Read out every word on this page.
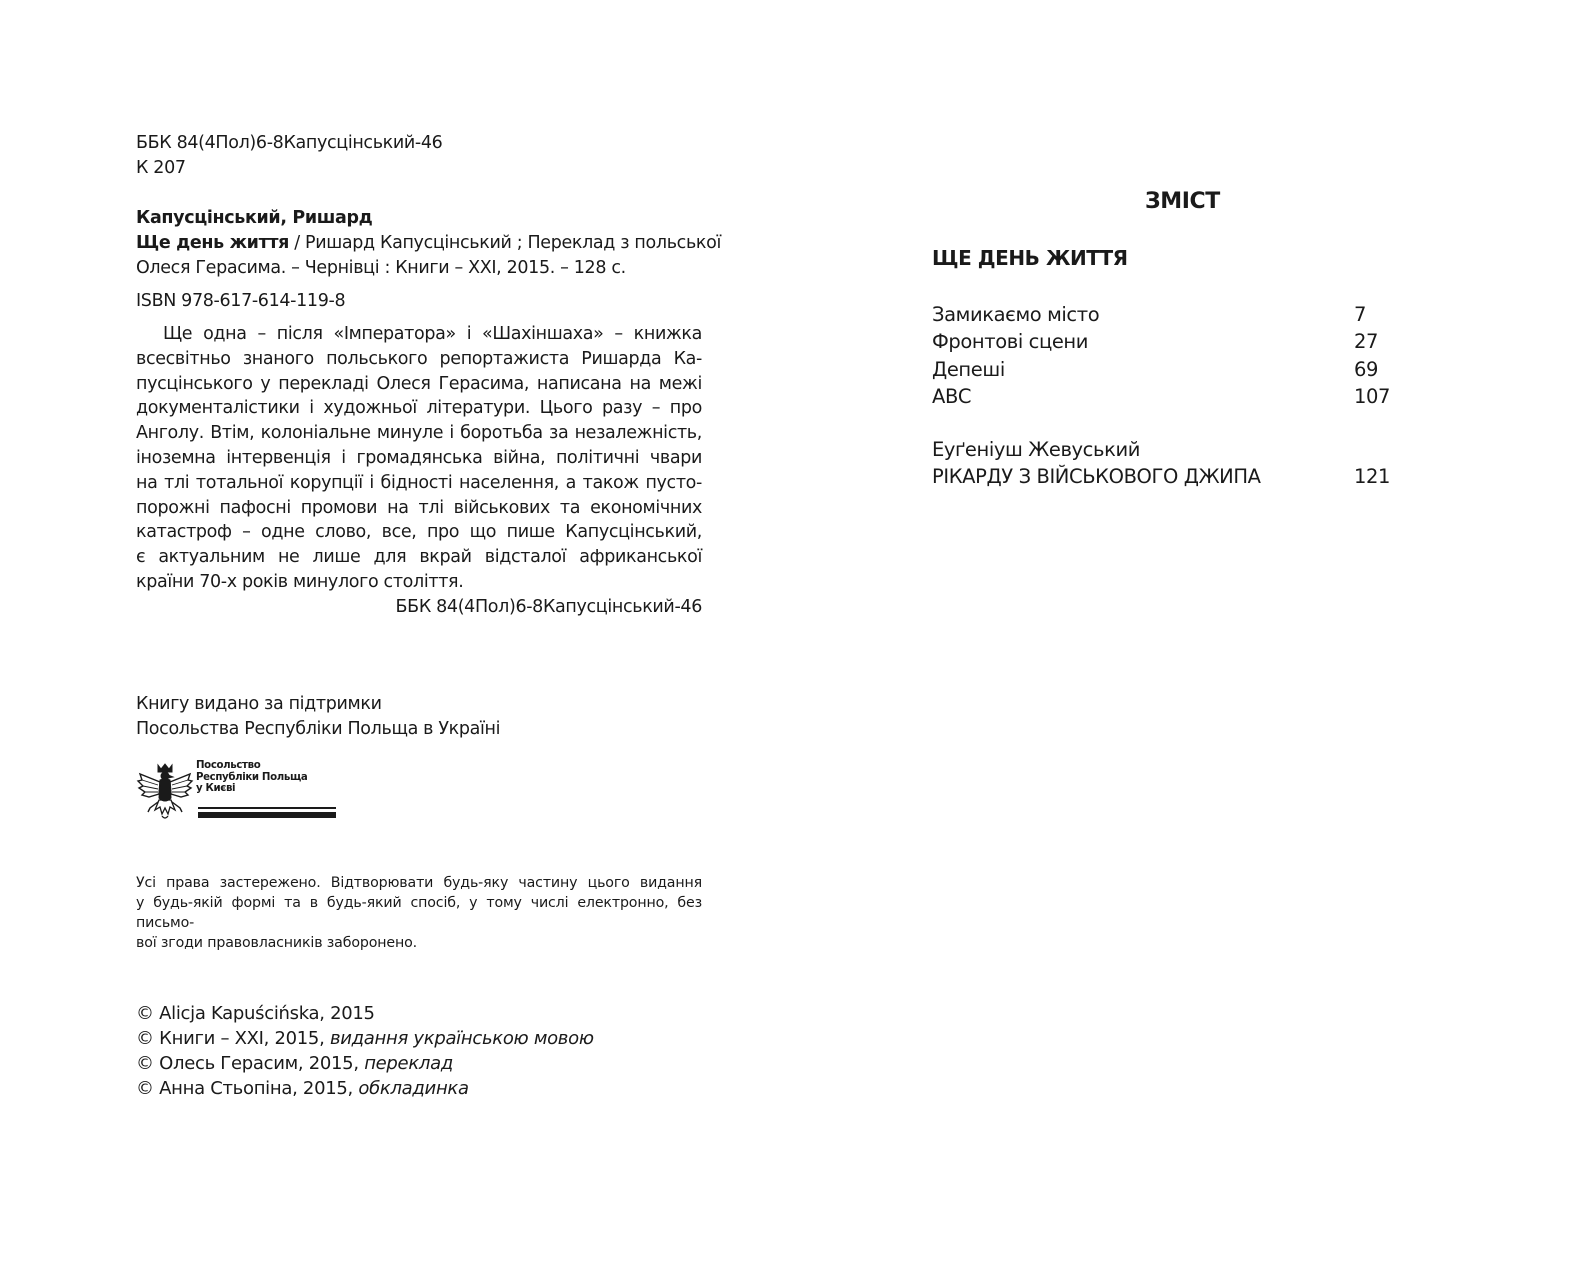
ББК 84(4Пол)6-8Капусцінський-46
К 207
Капусцінський, Ришард
Ще день життя / Ришард Капусцінський ; Переклад з польської
Олеся Герасима. – Чернівці : Книги – ХХІ, 2015. – 128 с.
ISBN 978-617-614-119-8
Ще одна – після «Імператора» і «Шахіншаха» – книжка
всесвітньо знаного польського репортажиста Ришарда Ка-
пусцінського у перекладі Олеся Герасима, написана на межі
документалістики і художньої літератури. Цього разу – про
Анголу. Втім, колоніальне минуле і боротьба за незалежність,
іноземна інтервенція і громадянська війна, політичні чвари
на тлі тотальної корупції і бідності населення, а також пусто-
порожні пафосні промови на тлі військових та економічних
катастроф – одне слово, все, про що пише Капусцінський,
є актуальним не лише для вкрай відсталої африканської
країни 70-х років минулого століття.
ББК 84(4Пол)6-8Капусцінський-46
Книгу видано за підтримки
Посольства Республіки Польща в Україні
Посольство
Республіки Польща
у Києві
Усі права застережено. Відтворювати будь-яку частину цього видання
у будь-якій формі та в будь-який спосіб, у тому числі електронно, без письмо-
вої згоди правовласників заборонено.
© Alicja Kapuścińska, 2015
© Книги – ХХІ, 2015, видання українською мовою
© Олесь Герасим, 2015, переклад
© Анна Стьопіна, 2015, обкладинка
ЗМІСТ
ЩЕ ДЕНЬ ЖИТТЯ
Замикаємо місто	7
Фронтові сцени	27
Депеші	69
АВС	107
Еуґеніуш Жевуський
РІКАРДУ З ВІЙСЬКОВОГО ДЖИПА	121
